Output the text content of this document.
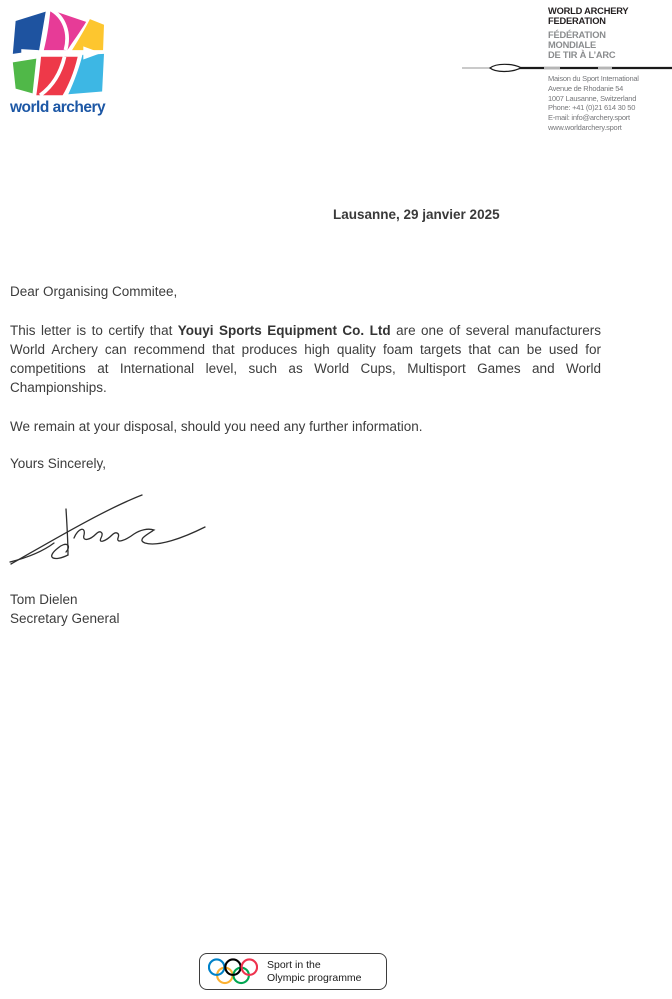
world archery
WORLD ARCHERY
FEDERATION
FÉDÉRATION
MONDIALE
DE TIR À L’ARC
Maison du Sport International
Avenue de Rhodanie 54
1007 Lausanne, Switzerland
Phone: +41 (0)21 614 30 50
E-mail: info@archery.sport
www.worldarchery.sport
Lausanne, 29 janvier 2025

Dear Organising Commitee,

This letter is to certify that Youyi Sports Equipment Co. Ltd are one of several manufacturers World Archery can recommend that produces high quality foam targets that can be used for competitions at International level, such as World Cups, Multisport Games and World Championships.

We remain at your disposal, should you need any further information.

Yours Sincerely,

Tom Dielen

Secretary General

Sport in the
Olympic programme
